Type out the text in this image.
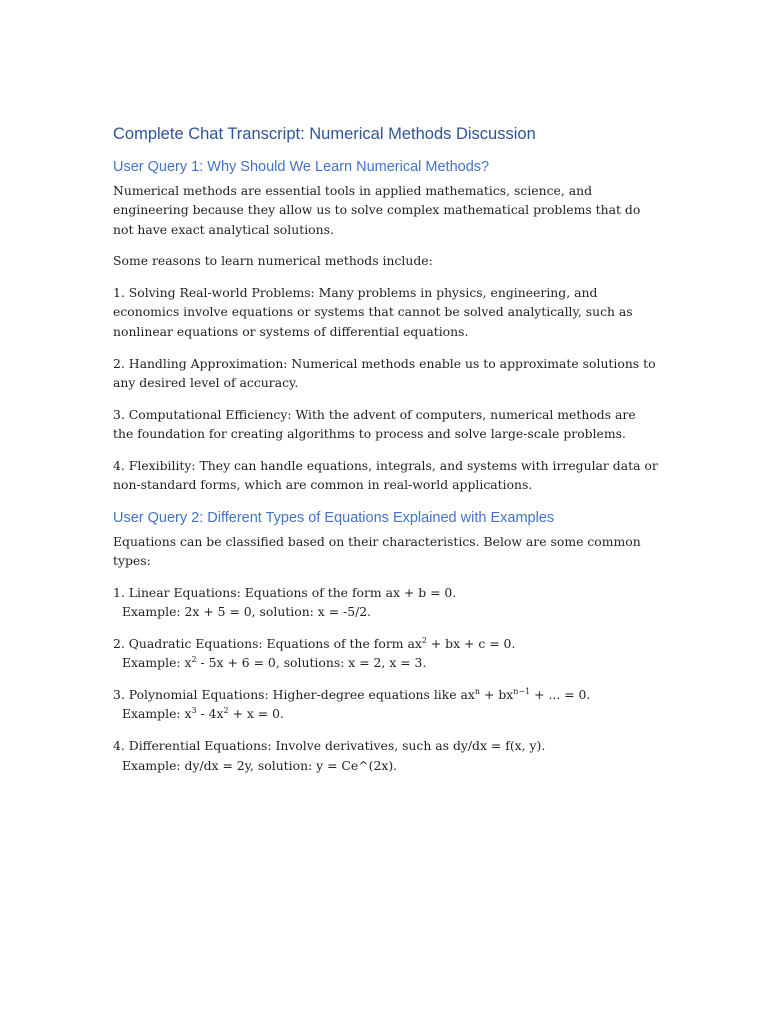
Complete Chat Transcript: Numerical Methods Discussion
User Query 1: Why Should We Learn Numerical Methods?

Numerical methods are essential tools in applied mathematics, science, and engineering because they allow us to solve complex mathematical problems that do not have exact analytical solutions.

Some reasons to learn numerical methods include:

1. Solving Real-world Problems: Many problems in physics, engineering, and economics involve equations or systems that cannot be solved analytically, such as nonlinear equations or systems of differential equations.

2. Handling Approximation: Numerical methods enable us to approximate solutions to any desired level of accuracy.

3. Computational Efficiency: With the advent of computers, numerical methods are the foundation for creating algorithms to process and solve large-scale problems.

4. Flexibility: They can handle equations, integrals, and systems with irregular data or non-standard forms, which are common in real-world applications.

User Query 2: Different Types of Equations Explained with Examples

Equations can be classified based on their characteristics. Below are some common types:

1. Linear Equations: Equations of the form ax + b = 0.
Example: 2x + 5 = 0, solution: x = -5/2.

2. Quadratic Equations: Equations of the form $ax^2$ + bx + c = 0.
Example: $x^2 - 5x + 6 = 0$, solutions: x = 2, x = 3.

3. Polynomial Equations: Higher-degree equations like $ax^n + bx^{n-1}$ + ... = 0.
Example: $x^3 - 4x^2 + x = 0$.

4. Differential Equations: Involve derivatives, such as dy/dx = f(x, y).
Example: dy/dx = 2y, solution: y = Ce^(2x).
